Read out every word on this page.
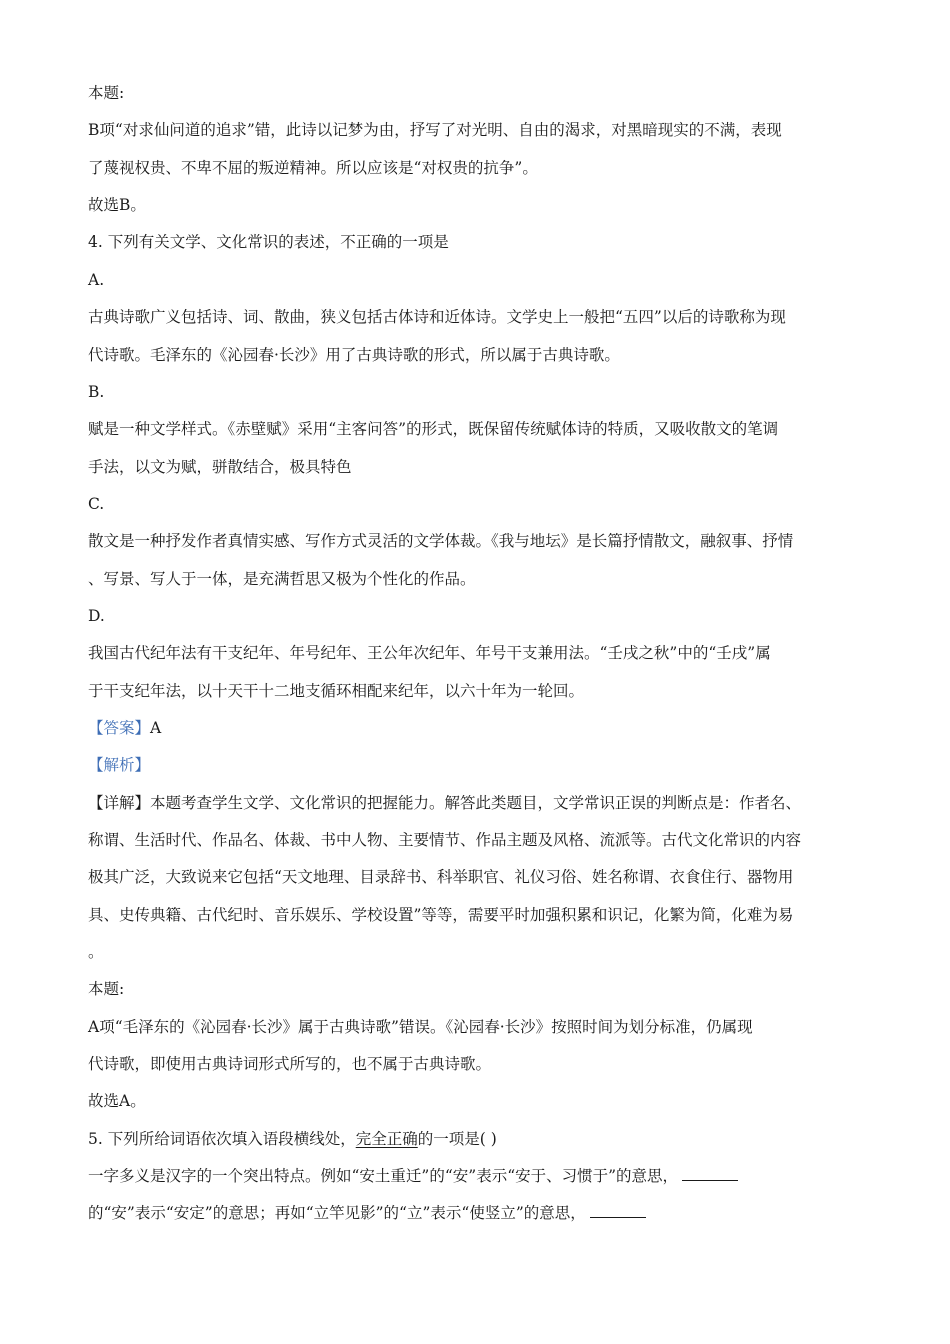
本题:

B项“对求仙问道的追求”错，此诗以记梦为由，抒写了对光明、自由的渴求，对黑暗现实的不满，表现

了蔑视权贵、不卑不屈的叛逆精神。所以应该是“对权贵的抗争”。

故选B。

4. 下列有关文学、文化常识的表述，不正确的一项是

A.

古典诗歌广义包括诗、词、散曲，狭义包括古体诗和近体诗。文学史上一般把“五四”以后的诗歌称为现

代诗歌。毛泽东的《沁园春·长沙》用了古典诗歌的形式，所以属于古典诗歌。

B.

赋是一种文学样式。《赤壁赋》采用“主客问答”的形式，既保留传统赋体诗的特质，又吸收散文的笔调

手法，以文为赋，骈散结合，极具特色

C.

散文是一种抒发作者真情实感、写作方式灵活的文学体裁。《我与地坛》是长篇抒情散文，融叙事、抒情

、写景、写人于一体，是充满哲思又极为个性化的作品。

D.

我国古代纪年法有干支纪年、年号纪年、王公年次纪年、年号干支兼用法。“壬戌之秋”中的“壬戌”属

于干支纪年法，以十天干十二地支循环相配来纪年，以六十年为一轮回。

【答案】A

【解析】

【详解】本题考查学生文学、文化常识的把握能力。解答此类题目，文学常识正误的判断点是：作者名、

称谓、生活时代、作品名、体裁、书中人物、主要情节、作品主题及风格、流派等。古代文化常识的内容

极其广泛，大致说来它包括“天文地理、目录辞书、科举职官、礼仪习俗、姓名称谓、衣食住行、器物用

具、史传典籍、古代纪时、音乐娱乐、学校设置”等等，需要平时加强积累和识记，化繁为简，化难为易

。

本题:

A项“毛泽东的《沁园春·长沙》属于古典诗歌”错误。《沁园春·长沙》按照时间为划分标准，仍属现

代诗歌，即使用古典诗词形式所写的，也不属于古典诗歌。

故选A。

5. 下列所给词语依次填入语段横线处，完全正确的一项是( )

一字多义是汉字的一个突出特点。例如“安土重迁”的“安”表示“安于、习惯于”的意思，

的“安”表示“安定”的意思；再如“立竿见影”的“立”表示“使竖立”的意思，
